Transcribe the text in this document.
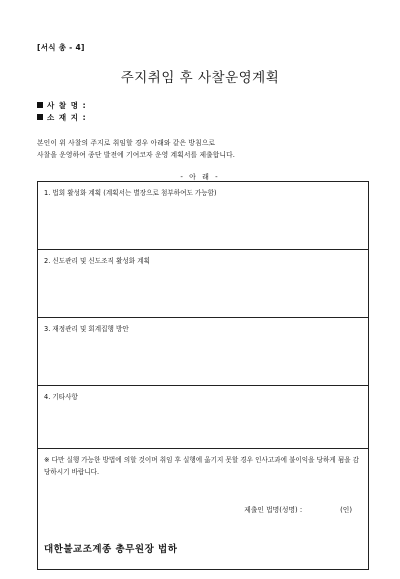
[서식 총 - 4]
주지취임 후 사찰운영계획
사 찰 명 :
소 재 지 :
본인이 위 사찰의 주지로 취임할 경우 아래와 같은 방침으로
사찰을 운영하여 종단 발전에 기여코자 운영 계획서를 제출합니다.
- 아 래 -
1. 법회 활성화 계획 (계획서는 별장으로 첨부하여도 가능함)
2. 신도관리 및 신도조직 활성화 계획
3. 재정관리 및 회계집행 방안
4. 기타사항

※ 다만 실행 가능한 방법에 의할 것이며 취임 후 실행에 옮기지 못할 경우 인사고과에 불이익을 당하게 됨을 감당하시기 바랍니다.
제출인 법명(성명) :	(인)
대한불교조계종 총무원장 법하
